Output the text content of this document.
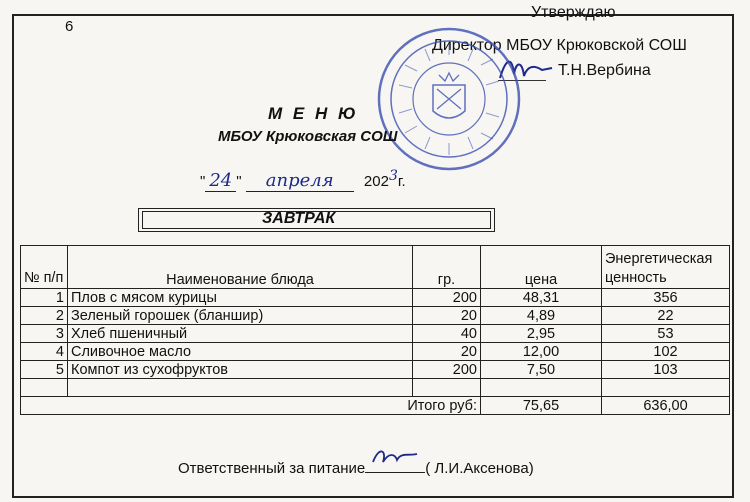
6
Утверждаю
Директор МБОУ Крюковской СОШ
Т.Н.Вербина
М Е Н Ю
МБОУ Крюковская СОШ
" 24 " апреля 2023г.
ЗАВТРАК
№ п/п	Наименование блюда	гр.	цена	Энергетическая ценность
1	Плов с мясом курицы	200	48,31	356
2	Зеленый горошек (бланшир)	20	4,89	22
3	Хлеб пшеничный	40	2,95	53
4	Сливочное масло	20	12,00	102
5	Компот из сухофруктов	200	7,50	103

Итого руб:			75,65	636,00
Ответственный за питание	( Л.И.Аксенова)
